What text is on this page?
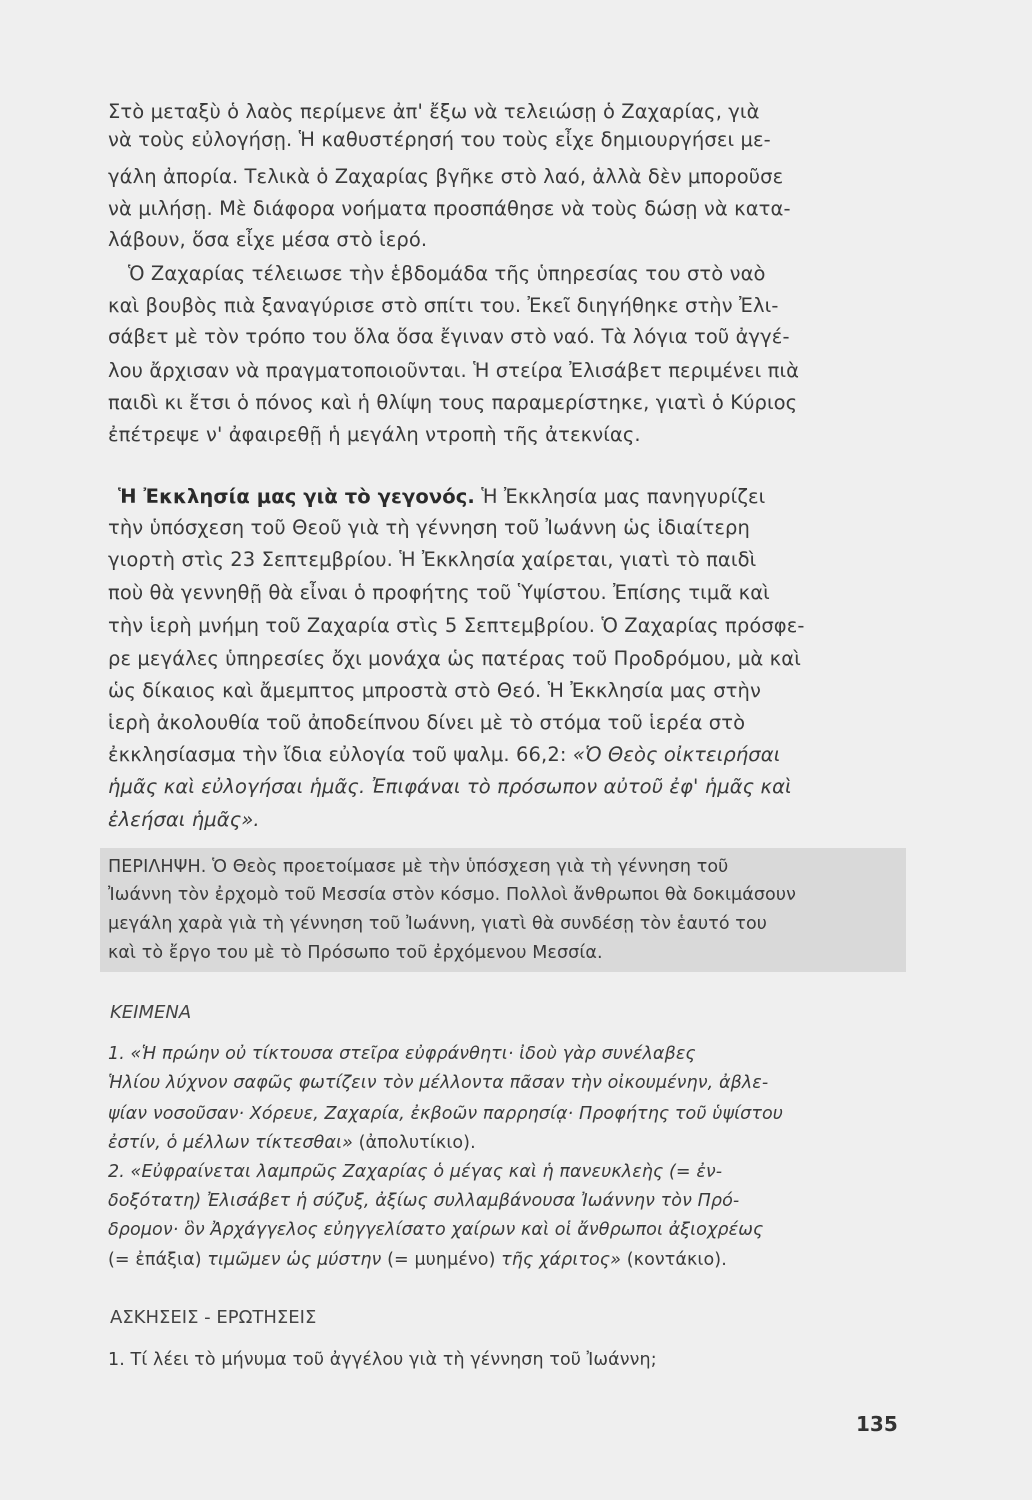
Στὸ μεταξὺ ὁ λαὸς περίμενε ἀπ' ἔξω νὰ τελειώσῃ ὁ Ζαχαρίας, γιὰ
νὰ τοὺς εὐλογήσῃ. Ἡ καθυστέρησή του τοὺς εἶχε δημιουργήσει με-
γάλη ἀπορία. Τελικὰ ὁ Ζαχαρίας βγῆκε στὸ λαό, ἀλλὰ δὲν μποροῦσε
νὰ μιλήσῃ. Μὲ διάφορα νοήματα προσπάθησε νὰ τοὺς δώσῃ νὰ κατα-
λάβουν, ὅσα εἶχε μέσα στὸ ἱερό.
Ὁ Ζαχαρίας τέλειωσε τὴν ἑβδομάδα τῆς ὑπηρεσίας του στὸ ναὸ
καὶ βουβὸς πιὰ ξαναγύρισε στὸ σπίτι του. Ἐκεῖ διηγήθηκε στὴν Ἐλι-
σάβετ μὲ τὸν τρόπο του ὅλα ὅσα ἔγιναν στὸ ναό. Τὰ λόγια τοῦ ἀγγέ-
λου ἄρχισαν νὰ πραγματοποιοῦνται. Ἡ στείρα Ἐλισάβετ περιμένει πιὰ
παιδὶ κι ἔτσι ὁ πόνος καὶ ἡ θλίψη τους παραμερίστηκε, γιατὶ ὁ Κύριος
ἐπέτρεψε ν' ἀφαιρεθῇ ἡ μεγάλη ντροπὴ τῆς ἀτεκνίας.
Ἡ Ἐκκλησία μας γιὰ τὸ γεγονός. Ἡ Ἐκκλησία μας πανηγυρίζει
τὴν ὑπόσχεση τοῦ Θεοῦ γιὰ τὴ γέννηση τοῦ Ἰωάννη ὡς ἰδιαίτερη
γιορτὴ στὶς 23 Σεπτεμβρίου. Ἡ Ἐκκλησία χαίρεται, γιατὶ τὸ παιδὶ
ποὺ θὰ γεννηθῇ θὰ εἶναι ὁ προφήτης τοῦ Ὑψίστου. Ἐπίσης τιμᾶ καὶ
τὴν ἱερὴ μνήμη τοῦ Ζαχαρία στὶς 5 Σεπτεμβρίου. Ὁ Ζαχαρίας πρόσφε-
ρε μεγάλες ὑπηρεσίες ὄχι μονάχα ὡς πατέρας τοῦ Προδρόμου, μὰ καὶ
ὡς δίκαιος καὶ ἄμεμπτος μπροστὰ στὸ Θεό. Ἡ Ἐκκλησία μας στὴν
ἱερὴ ἀκολουθία τοῦ ἀποδείπνου δίνει μὲ τὸ στόμα τοῦ ἱερέα στὸ
ἐκκλησίασμα τὴν ἴδια εὐλογία τοῦ ψαλμ. 66,2: «Ὁ Θεὸς οἰκτειρήσαι
ἡμᾶς καὶ εὐλογήσαι ἡμᾶς. Ἐπιφάναι τὸ πρόσωπον αὐτοῦ ἐφ' ἡμᾶς καὶ
ἐλεήσαι ἡμᾶς».
ΠΕΡΙΛΗΨΗ. Ὁ Θεὸς προετοίμασε μὲ τὴν ὑπόσχεση γιὰ τὴ γέννηση τοῦ
Ἰωάννη τὸν ἐρχομὸ τοῦ Μεσσία στὸν κόσμο. Πολλοὶ ἄνθρωποι θὰ δοκιμάσουν
μεγάλη χαρὰ γιὰ τὴ γέννηση τοῦ Ἰωάννη, γιατὶ θὰ συνδέσῃ τὸν ἑαυτό του
καὶ τὸ ἔργο του μὲ τὸ Πρόσωπο τοῦ ἐρχόμενου Μεσσία.
ΚΕΙΜΕΝΑ
1. «Ἡ πρώην οὐ τίκτουσα στεῖρα εὐφράνθητι· ἰδοὺ γὰρ συνέλαβες
Ἡλίου λύχνον σαφῶς φωτίζειν τὸν μέλλοντα πᾶσαν τὴν οἰκουμένην, ἀβλε-
ψίαν νοσοῦσαν· Χόρευε, Ζαχαρία, ἐκβοῶν παρρησίᾳ· Προφήτης τοῦ ὑψίστου
ἐστίν, ὁ μέλλων τίκτεσθαι» (ἀπολυτίκιο).
2. «Εὐφραίνεται λαμπρῶς Ζαχαρίας ὁ μέγας καὶ ἡ πανευκλεὴς (= ἐν-
δοξότατη) Ἐλισάβετ ἡ σύζυξ, ἀξίως συλλαμβάνουσα Ἰωάννην τὸν Πρό-
δρομον· ὃν Ἀρχάγγελος εὐηγγελίσατο χαίρων καὶ οἱ ἄνθρωποι ἀξιοχρέως
(= ἐπάξια) τιμῶμεν ὡς μύστην (= μυημένο) τῆς χάριτος» (κοντάκιο).
ΑΣΚΗΣΕΙΣ - ΕΡΩΤΗΣΕΙΣ
1. Τί λέει τὸ μήνυμα τοῦ ἀγγέλου γιὰ τὴ γέννηση τοῦ Ἰωάννη;
135
